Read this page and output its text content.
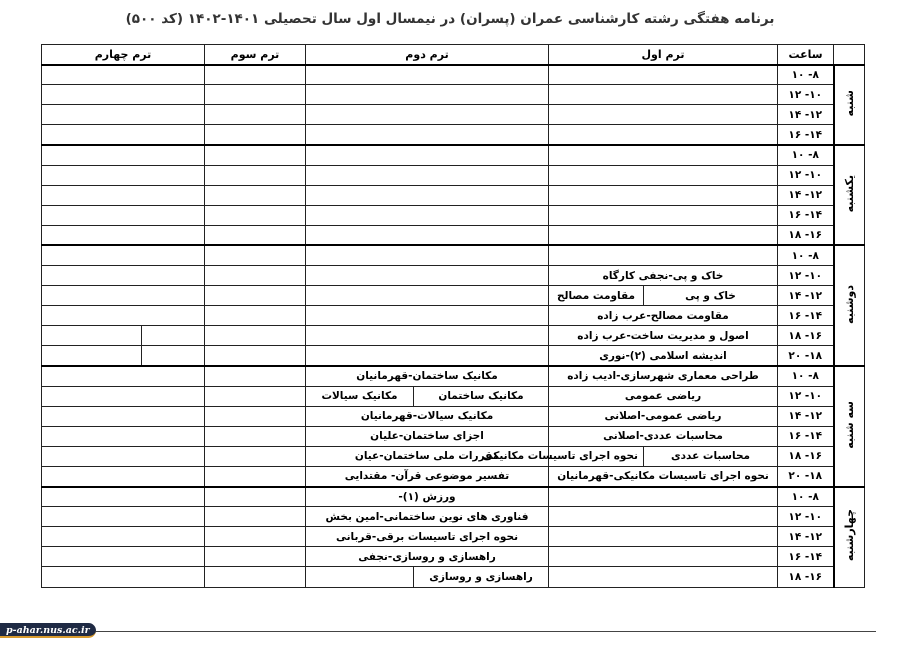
برنامه هفتگی رشته کارشناسی عمران (پسران) در نیمسال اول سال تحصیلی ۱۴۰۱-۱۴۰۲ (کد ۵۰۰)
	ساعت	ترم اول		ترم دوم		ترم سوم	ترم چهارم	
شنبه	۸- ۱۰							
	۱۰- ۱۲							
	۱۲- ۱۴							
	۱۴- ۱۶							
یکشنبه	۸- ۱۰							
	۱۰- ۱۲							
	۱۲- ۱۴							
	۱۴- ۱۶							
	۱۶- ۱۸							
دوشنبه	۸- ۱۰							
	۱۰- ۱۲	خاک و پی-نجفی کارگاه						
	۱۲- ۱۴	خاک و پی	مقاومت مصالح					
	۱۴- ۱۶	مقاومت مصالح-عرب زاده						
	۱۶- ۱۸	اصول و مدیریت ساخت-عرب زاده						
	۱۸- ۲۰	اندیشه اسلامی (۲)-نوری						
سه شنبه	۸- ۱۰	طراحی معماری شهرسازی-ادیب زاده		مکانیک ساختمان-قهرمانیان				
	۱۰- ۱۲	ریاضی عمومی		مکانیک ساختمان	مکانیک سیالات			
	۱۲- ۱۴	ریاضی عمومی-اصلانی		مکانیک سیالات-قهرمانیان				
	۱۴- ۱۶	محاسبات عددی-اصلانی		اجزای ساختمان-علیان				
	۱۶- ۱۸	محاسبات عددی	نحوه اجرای تاسیسات مکانیکی	مقررات ملی ساختمان-عیان				
	۱۸- ۲۰	نحوه اجرای تاسیسات مکانیکی-قهرمانیان		تفسیر موضوعی قرآن- مقتدایی				
چهارشنبه	۸- ۱۰			ورزش (۱)-				
	۱۰- ۱۲			فناوری های نوین ساختمانی-امین بخش				
	۱۲- ۱۴			نحوه اجرای تاسیسات برقی-قربانی				
	۱۴- ۱۶			راهسازی و روسازی-نجفی				
	۱۶- ۱۸			راهسازی و روسازی				
p-ahar.nus.ac.ir
